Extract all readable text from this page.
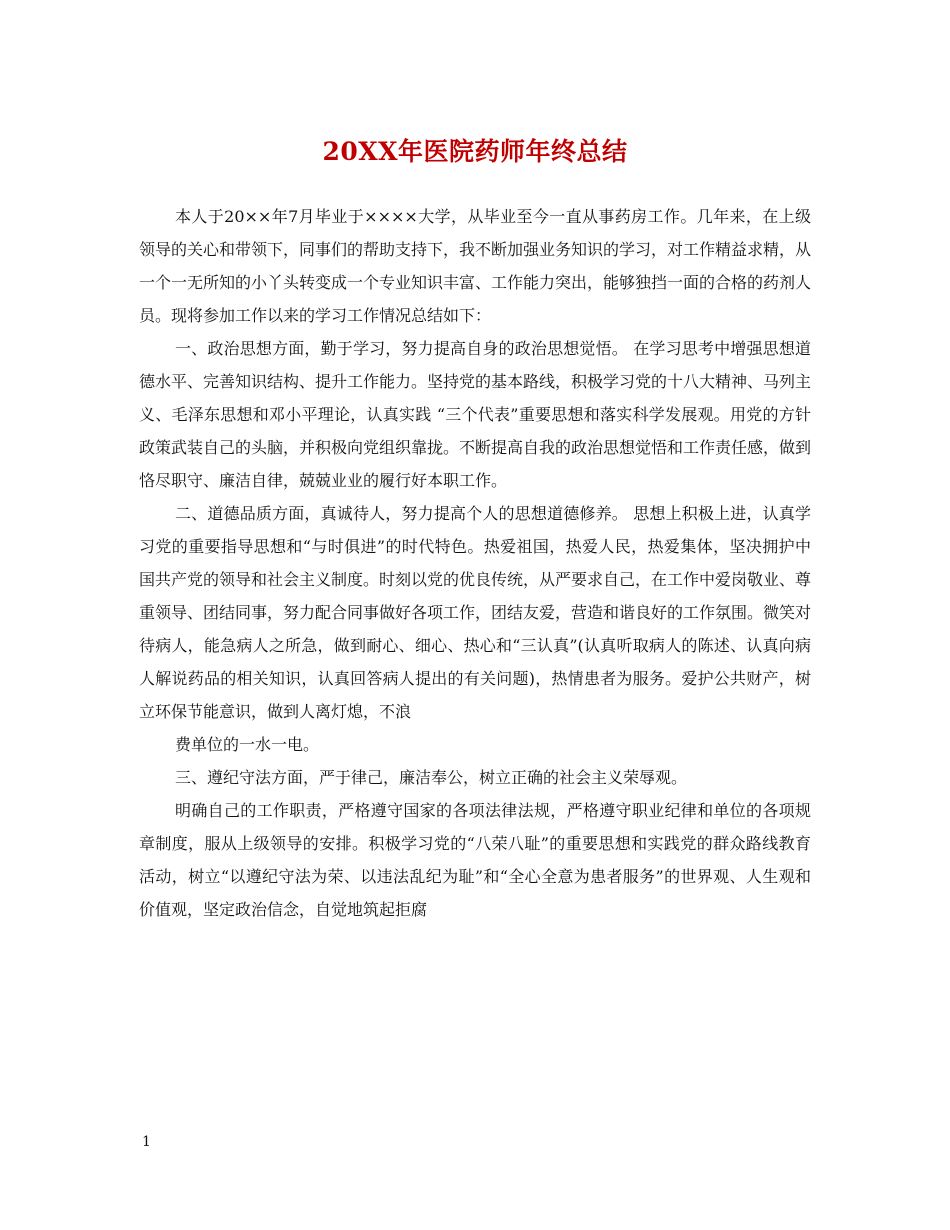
20XX年医院药师年终总结

本人于20××年7月毕业于××××大学，从毕业至今一直从事药房工作。几年来，在上级领导的关心和带领下，同事们的帮助支持下，我不断加强业务知识的学习，对工作精益求精，从一个一无所知的小丫头转变成一个专业知识丰富、工作能力突出，能够独挡一面的合格的药剂人员。现将参加工作以来的学习工作情况总结如下：

一、政治思想方面，勤于学习，努力提高自身的政治思想觉悟。 在学习思考中增强思想道德水平、完善知识结构、提升工作能力。坚持党的基本路线，积极学习党的十八大精神、马列主义、毛泽东思想和邓小平理论，认真实践 “三个代表”重要思想和落实科学发展观。用党的方针政策武装自己的头脑，并积极向党组织靠拢。不断提高自我的政治思想觉悟和工作责任感，做到恪尽职守、廉洁自律，兢兢业业的履行好本职工作。

二、道德品质方面，真诚待人，努力提高个人的思想道德修养。 思想上积极上进，认真学习党的重要指导思想和“与时俱进”的时代特色。热爱祖国，热爱人民，热爱集体，坚决拥护中国共产党的领导和社会主义制度。时刻以党的优良传统，从严要求自己，在工作中爱岗敬业、尊重领导、团结同事，努力配合同事做好各项工作，团结友爱，营造和谐良好的工作氛围。微笑对待病人，能急病人之所急，做到耐心、细心、热心和“三认真”(认真听取病人的陈述、认真向病人解说药品的相关知识，认真回答病人提出的有关问题)，热情患者为服务。爱护公共财产，树立环保节能意识，做到人离灯熄，不浪

费单位的一水一电。

三、遵纪守法方面，严于律己，廉洁奉公，树立正确的社会主义荣辱观。

明确自己的工作职责，严格遵守国家的各项法律法规，严格遵守职业纪律和单位的各项规章制度，服从上级领导的安排。积极学习党的“八荣八耻”的重要思想和实践党的群众路线教育活动，树立“以遵纪守法为荣、以违法乱纪为耻”和“全心全意为患者服务”的世界观、人生观和价值观，坚定政治信念，自觉地筑起拒腐

1
